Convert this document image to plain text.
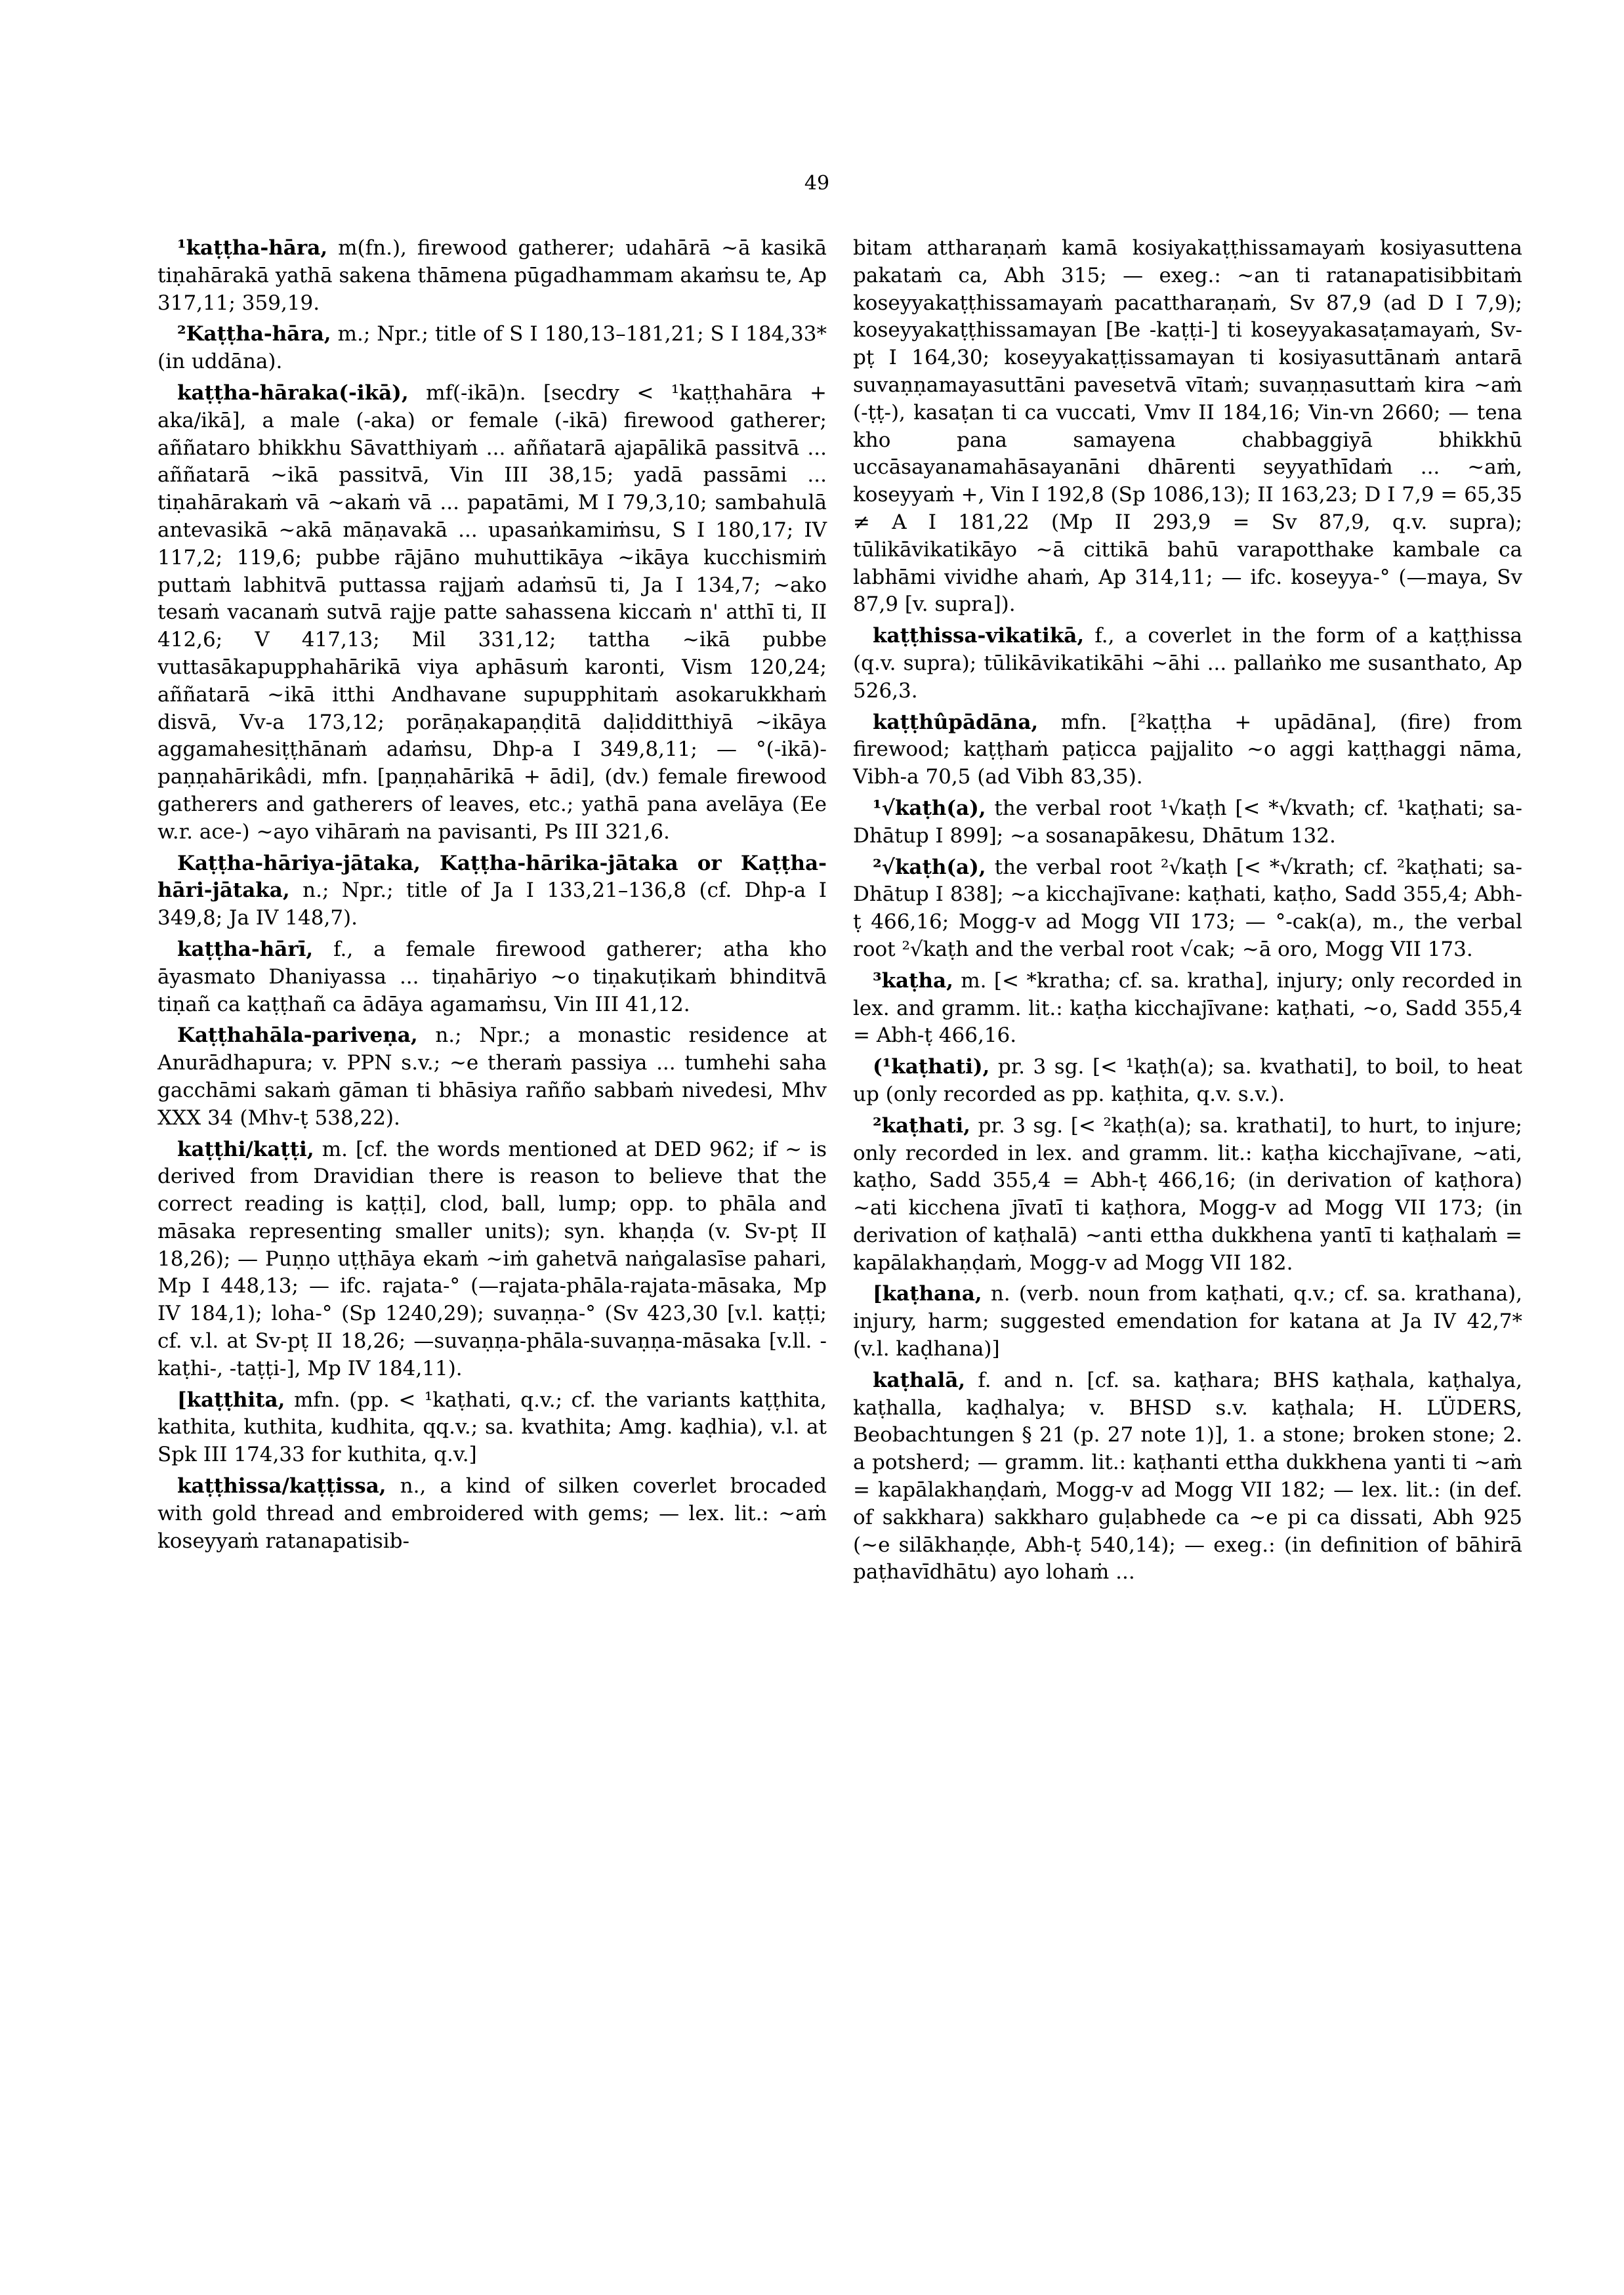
49

¹kaṭṭha-hāra, m(fn.), firewood gatherer; udahārā ~ā kasikā tiṇahārakā yathā sakena thāmena pūgadhammam akaṁsu te, Ap 317,11; 359,19.

²Kaṭṭha-hāra, m.; Npr.; title of S I 180,13–181,21; S I 184,33* (in uddāna).

kaṭṭha-hāraka(-ikā), mf(-ikā)n. [secdry < ¹kaṭṭhahāra + aka/ikā], a male (-aka) or female (-ikā) firewood gatherer; aññataro bhikkhu Sāvatthiyaṁ ... aññatarā ajapālikā passitvā ... aññatarā ~ikā passitvā, Vin III 38,15; yadā passāmi ... tiṇahārakaṁ vā ~akaṁ vā ... papatāmi, M I 79,3,10; sambahulā antevasikā ~akā māṇavakā ... upasaṅkamiṁsu, S I 180,17; IV 117,2; 119,6; pubbe rājāno muhuttikāya ~ikāya kucchismiṁ puttaṁ labhitvā puttassa rajjaṁ adaṁsū ti, Ja I 134,7; ~ako tesaṁ vacanaṁ sutvā rajje patte sahassena kiccaṁ n' atthī ti, II 412,6; V 417,13; Mil 331,12; tattha ~ikā pubbe vuttasākapupphahārikā viya aphāsuṁ karonti, Vism 120,24; aññatarā ~ikā itthi Andhavane supupphitaṁ asokarukkhaṁ disvā, Vv-a 173,12; porāṇakapaṇḍitā daḷidditthiyā ~ikāya aggamahesiṭṭhānaṁ adaṁsu, Dhp-a I 349,8,11; — °(-ikā)-paṇṇahārikâdi, mfn. [paṇṇahārikā + ādi], (dv.) female firewood gatherers and gatherers of leaves, etc.; yathā pana avelāya (Ee w.r. ace-) ~ayo vihāraṁ na pavisanti, Ps III 321,6.

Kaṭṭha-hāriya-jātaka, Kaṭṭha-hārika-jātaka or Kaṭṭha-hāri-jātaka, n.; Npr.; title of Ja I 133,21–136,8 (cf. Dhp-a I 349,8; Ja IV 148,7).

kaṭṭha-hārī, f., a female firewood gatherer; atha kho āyasmato Dhaniyassa ... tiṇahāriyo ~o tiṇakuṭikaṁ bhinditvā tiṇañ ca kaṭṭhañ ca ādāya agamaṁsu, Vin III 41,12.

Kaṭṭhahāla-pariveṇa, n.; Npr.; a monastic residence at Anurādhapura; v. PPN s.v.; ~e theraṁ passiya ... tumhehi saha gacchāmi sakaṁ gāman ti bhāsiya rañño sabbaṁ nivedesi, Mhv XXX 34 (Mhv-ṭ 538,22).

kaṭṭhi/kaṭṭi, m. [cf. the words mentioned at DED 962; if ~ is derived from Dravidian there is reason to believe that the correct reading is kaṭṭi], clod, ball, lump; opp. to phāla and māsaka representing smaller units); syn. khaṇḍa (v. Sv-pṭ II 18,26); — Puṇṇo uṭṭhāya ekaṁ ~iṁ gahetvā naṅgalasīse pahari, Mp I 448,13; — ifc. rajata-° (—rajata-phāla-rajata-māsaka, Mp IV 184,1); loha-° (Sp 1240,29); suvaṇṇa-° (Sv 423,30 [v.l. kaṭṭi; cf. v.l. at Sv-pṭ II 18,26; —suvaṇṇa-phāla-suvaṇṇa-māsaka [v.ll. -kaṭhi-, -taṭṭi-], Mp IV 184,11).

[kaṭṭhita, mfn. (pp. < ¹kaṭhati, q.v.; cf. the variants kaṭṭhita, kathita, kuthita, kudhita, qq.v.; sa. kvathita; Amg. kaḍhia), v.l. at Spk III 174,33 for kuthita, q.v.]

kaṭṭhissa/kaṭṭissa, n., a kind of silken coverlet brocaded with gold thread and embroidered with gems; — lex. lit.: ~aṁ koseyyaṁ ratanapatisib-

bitam attharaṇaṁ kamā kosiyakaṭṭhissamayaṁ kosiyasuttena pakataṁ ca, Abh 315; — exeg.: ~an ti ratanapatisibbitaṁ koseyyakaṭṭhissamayaṁ pacattharaṇaṁ, Sv 87,9 (ad D I 7,9); koseyyakaṭṭhissamayan [Be -kaṭṭi-] ti koseyyakasaṭamayaṁ, Sv-pṭ I 164,30; koseyyakaṭṭissamayan ti kosiyasuttānaṁ antarā suvaṇṇamayasuttāni pavesetvā vītaṁ; suvaṇṇasuttaṁ kira ~aṁ (-ṭṭ-), kasaṭan ti ca vuccati, Vmv II 184,16; Vin-vn 2660; — tena kho pana samayena chabbaggiyā bhikkhū uccāsayanamahāsayanāni dhārenti seyyathīdaṁ ... ~aṁ, koseyyaṁ +, Vin I 192,8 (Sp 1086,13); II 163,23; D I 7,9 = 65,35 ≠ A I 181,22 (Mp II 293,9 = Sv 87,9, q.v. supra); tūlikāvikatikāyo ~ā cittikā bahū varapotthake kambale ca labhāmi vividhe ahaṁ, Ap 314,11; — ifc. koseyya-° (—maya, Sv 87,9 [v. supra]).

kaṭṭhissa-vikatikā, f., a coverlet in the form of a kaṭṭhissa (q.v. supra); tūlikāvikatikāhi ~āhi ... pallaṅko me susanthato, Ap 526,3.

kaṭṭhûpādāna, mfn. [²kaṭṭha + upādāna], (fire) from firewood; kaṭṭhaṁ paṭicca pajjalito ~o aggi kaṭṭhaggi nāma, Vibh-a 70,5 (ad Vibh 83,35).

¹√kaṭh(a), the verbal root ¹√kaṭh [< *√kvath; cf. ¹kaṭhati; sa-Dhātup I 899]; ~a sosanapākesu, Dhātum 132.

²√kaṭh(a), the verbal root ²√kaṭh [< *√krath; cf. ²kaṭhati; sa-Dhātup I 838]; ~a kicchajīvane: kaṭhati, kaṭho, Sadd 355,4; Abh-ṭ 466,16; Mogg-v ad Mogg VII 173; — °-cak(a), m., the verbal root ²√kaṭh and the verbal root √cak; ~ā oro, Mogg VII 173.

³kaṭha, m. [< *kratha; cf. sa. kratha], injury; only recorded in lex. and gramm. lit.: kaṭha kicchajīvane: kaṭhati, ~o, Sadd 355,4 = Abh-ṭ 466,16.

(¹kaṭhati), pr. 3 sg. [< ¹kaṭh(a); sa. kvathati], to boil, to heat up (only recorded as pp. kaṭhita, q.v. s.v.).

²kaṭhati, pr. 3 sg. [< ²kaṭh(a); sa. krathati], to hurt, to injure; only recorded in lex. and gramm. lit.: kaṭha kicchajīvane, ~ati, kaṭho, Sadd 355,4 = Abh-ṭ 466,16; (in derivation of kaṭhora) ~ati kicchena jīvatī ti kaṭhora, Mogg-v ad Mogg VII 173; (in derivation of kaṭhalā) ~anti ettha dukkhena yantī ti kaṭhalaṁ = kapālakhaṇḍaṁ, Mogg-v ad Mogg VII 182.

[kaṭhana, n. (verb. noun from kaṭhati, q.v.; cf. sa. krathana), injury, harm; suggested emendation for katana at Ja IV 42,7* (v.l. kaḍhana)]

kaṭhalā, f. and n. [cf. sa. kaṭhara; BHS kaṭhala, kaṭhalya, kaṭhalla, kaḍhalya; v. BHSD s.v. kaṭhala; H. LÜDERS, Beobachtungen § 21 (p. 27 note 1)], 1. a stone; broken stone; 2. a potsherd; — gramm. lit.: kaṭhanti ettha dukkhena yanti ti ~aṁ = kapālakhaṇḍaṁ, Mogg-v ad Mogg VII 182; — lex. lit.: (in def. of sakkhara) sakkharo guḷabhede ca ~e pi ca dissati, Abh 925 (~e silākhaṇḍe, Abh-ṭ 540,14); — exeg.: (in definition of bāhirā paṭhavīdhātu) ayo lohaṁ ...
